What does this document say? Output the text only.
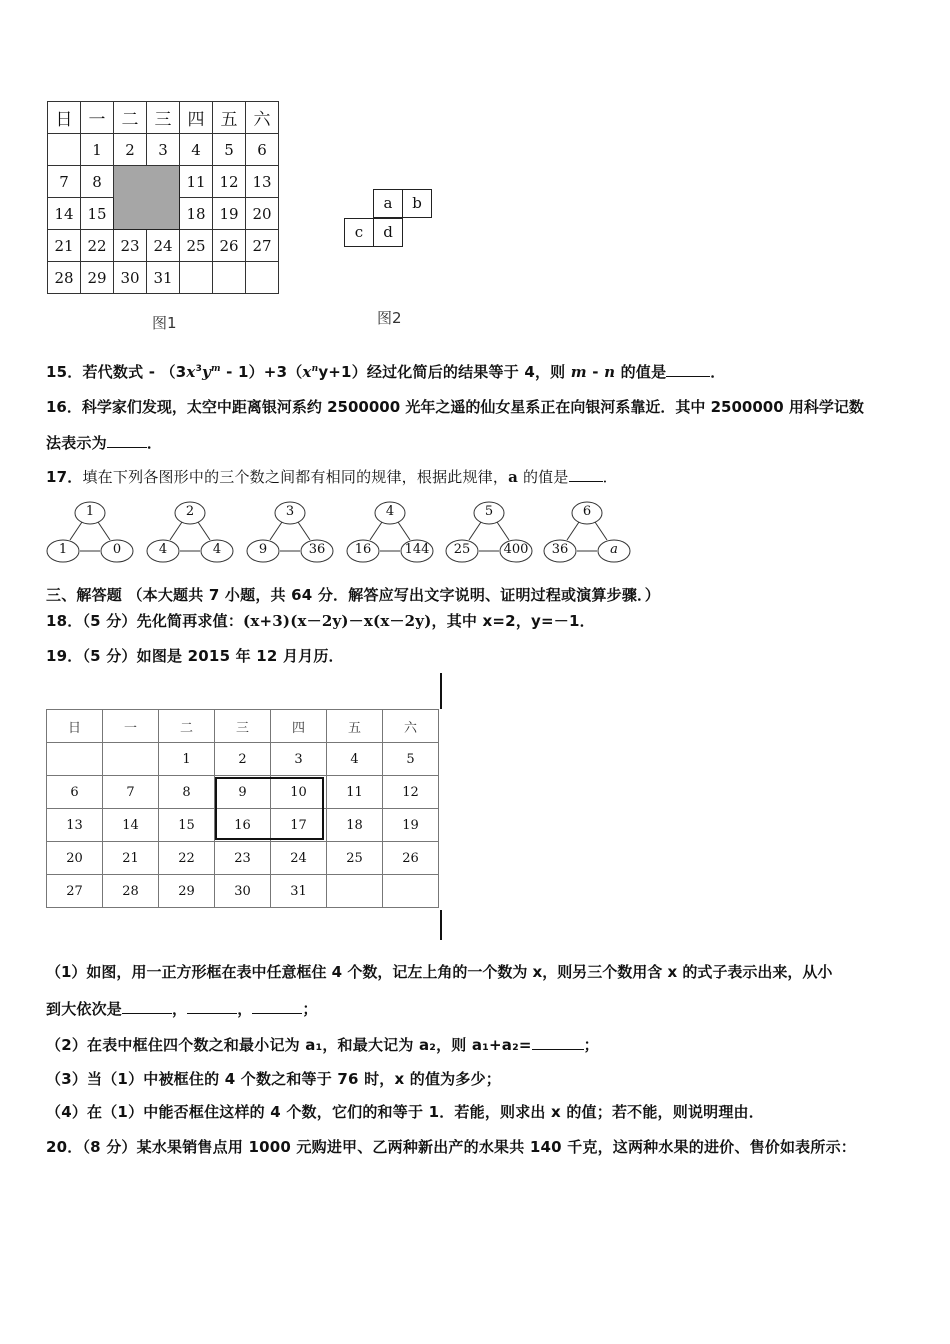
日	一	二	三	四	五	六
	1	2	3	4	5	6
7	8			11	12	13
14	15			18	19	20
21	22	23	24	25	26	27
28	29	30	31			
图1
a	b
c	d
图2
15．若代数式 - $(3x^3y^m - 1)+3(x^ny+1)$经过化简后的结果等于 4，则 m - n 的值是	．
16．科学家们发现，太空中距离银河系约 2500000 光年之遥的仙女星系正在向银河系靠近．其中 2500000 用科学记数
法表示为	．
17．填在下列各图形中的三个数之间都有相同的规律，根据此规律，a 的值是 ．
1
1	0
2
4	4
3
9	36
4
16	144
5
25	400
6
36	a
三、解答题 （本大题共 7 小题，共 64 分．解答应写出文字说明、证明过程或演算步骤．）
18．（5 分）先化简再求值：(x+3)(x－2y)－x(x－2y)，其中 x=2，y=－1．
19．（5 分）如图是 2015 年 12 月月历．
日	一	二	三	四	五	六
		1	2	3	4	5
6	7	8	9	10	11	12
13	14	15	16	17	18	19
20	21	22	23	24	25	26
27	28	29	30	31		
（1）如图，用一正方形框在表中任意框住 4 个数，记左上角的一个数为 x，则另三个数用含 x 的式子表示出来，从小
到大依次是	，	，	；
（2）在表中框住四个数之和最小记为 a₁，和最大记为 a₂，则 a₁+a₂=	；
（3）当（1）中被框住的 4 个数之和等于 76 时，x 的值为多少；
（4）在（1）中能否框住这样的 4 个数，它们的和等于 1．若能，则求出 x 的值；若不能，则说明理由．
20．（8 分）某水果销售点用 1000 元购进甲、乙两种新出产的水果共 140 千克，这两种水果的进价、售价如表所示：
